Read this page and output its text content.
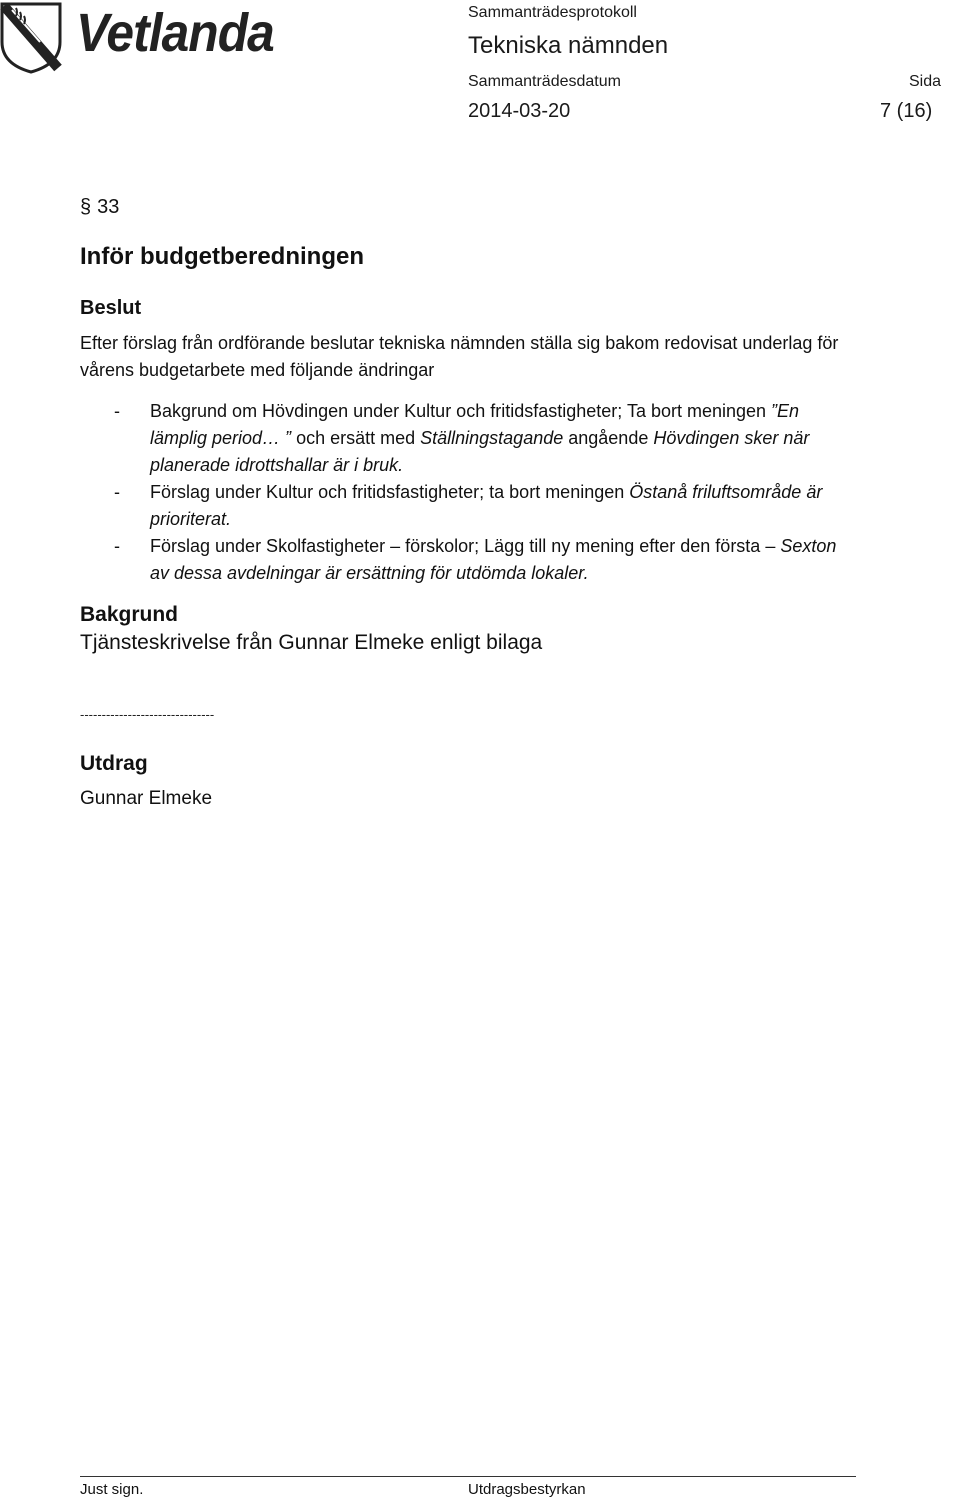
Vetlanda	Sammanträdesprotokoll
Tekniska nämnden
Sammanträdesdatum	Sida
2014-03-20	7 (16)

§ 33

Inför budgetberedningen

Beslut

Efter förslag från ordförande beslutar tekniska nämnden ställa sig bakom redovisat underlag för vårens budgetarbete med följande ändringar

- Bakgrund om Hövdingen under Kultur och fritidsfastigheter; Ta bort meningen ”En lämplig period… ” och ersätt med Ställningstagande angående Hövdingen sker när planerade idrottshallar är i bruk.
- Förslag under Kultur och fritidsfastigheter; ta bort meningen Östanå friluftsområde är prioriterat.
- Förslag under Skolfastigheter – förskolor; Lägg till ny mening efter den första – Sexton av dessa avdelningar är ersättning för utdömda lokaler.

Bakgrund

Tjänsteskrivelse från Gunnar Elmeke enligt bilaga

-------------------------------

Utdrag

Gunnar Elmeke

Just sign.	Utdragsbestyrkan
